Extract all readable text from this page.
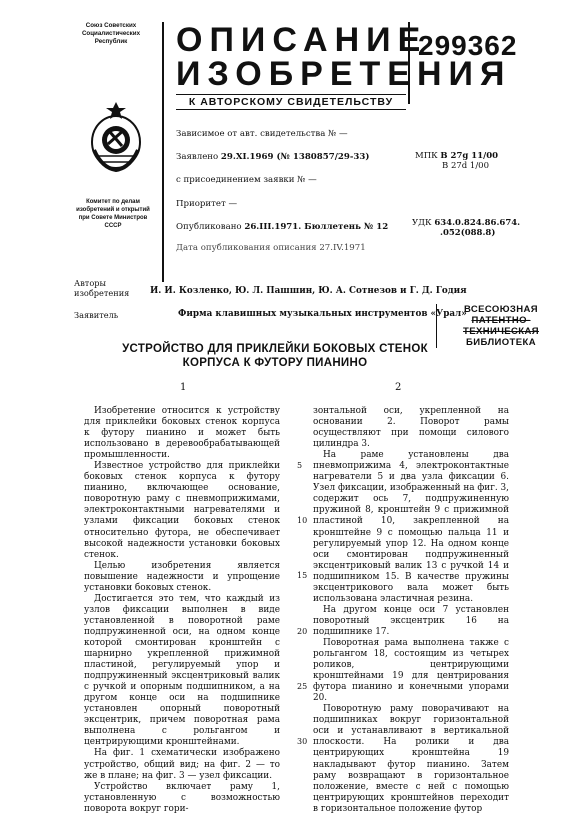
Союз Советских
Социалистических
Республик
Комитет по делам
изобретений и открытий
при Совете Министров
СССР
ОПИСАНИЕ
ИЗОБРЕТЕНИЯ
К АВТОРСКОМУ СВИДЕТЕЛЬСТВУ
299362
Зависимое от авт. свидетельства № —
Заявлено 29.XI.1969 (№ 1380857/29-33)
с присоединением заявки № —
Приоритет —
Опубликовано 26.III.1971. Бюллетень № 12
Дата опубликования описания 27.IV.1971
МПК B 27g 11/00
B 27d 1/00
УДК 634.0.824.86.674.
.052(088.8)
Авторы
изобретения И. И. Козленко, Ю. Л. Пашшин, Ю. А. Сотнезов и Г. Д. Годия
Заявитель	Фирма клавишных музыкальных инструментов «Урал»
ВСЕСОЮЗНАЯ
ПАТЕНТНО-ТЕХНИЧЕСКАЯ
БИБЛИОТЕКА
УСТРОЙСТВО ДЛЯ ПРИКЛЕЙКИ БОКОВЫХ СТЕНОК
КОРПУСА К ФУТОРУ ПИАНИНО
1	2

Изобретение относится к устройству для приклейки боковых стенок корпуса к футору пианино и может быть использовано в деревообрабатывающей промышленности.

Известное устройство для приклейки боковых стенок корпуса к футору пианино, включающее основание, поворотную раму с пневмоприжимами, электроконтактными нагревателями и узлами фиксации боковых стенок относительно футора, не обеспечивает высокой надежности установки боковых стенок.

Целью изобретения является повышение надежности и упрощение установки боковых стенок.

Достигается это тем, что каждый из узлов фиксации выполнен в виде установленной в поворотной раме подпружиненной оси, на одном конце которой смонтирован кронштейн с шарнирно укрепленной прижимной пластиной, регулируемый упор и подпружиненный эксцентриковый валик с ручкой и опорным подшипником, а на другом конце оси на подшипнике установлен опорный поворотный эксцентрик, причем поворотная рама выполнена с рольгангом и центрирующими кронштейнами.

На фиг. 1 схематически изображено устройство, общий вид; на фиг. 2 — то же в плане; на фиг. 3 — узел фиксации.

Устройство включает раму 1, установленную с возможностью поворота вокруг гори-

5
10
15
20
25
30

зонтальной оси, укрепленной на основании 2. Поворот рамы осуществляют при помощи силового цилиндра 3.

На раме установлены два пневмоприжима 4, электроконтактные нагреватели 5 и два узла фиксации 6. Узел фиксации, изображенный на фиг. 3, содержит ось 7, подпружиненную пружиной 8, кронштейн 9 с прижимной пластиной 10, закрепленной на кронштейне 9 с помощью пальца 11 и регулируемый упор 12. На одном конце оси смонтирован подпружиненный эксцентриковый валик 13 с ручкой 14 и подшипником 15. В качестве пружины эксцентрикового вала может быть использована эластичная резина.

На другом конце оси 7 установлен поворотный эксцентрик 16 на подшипнике 17.

Поворотная рама выполнена также с рольгангом 18, состоящим из четырех роликов, центрирующими кронштейнами 19 для центрирования футора пианино и конечными упорами 20.

Поворотную раму поворачивают на подшипниках вокруг горизонтальной оси и устанавливают в вертикальной плоскости. На ролики и два центрирующих кронштейна 19 накладывают футор пианино. Затем раму возвращают в горизонтальное положение, вместе с ней с помощью центрирующих кронштейнов переходит в горизонтальное положение футор
